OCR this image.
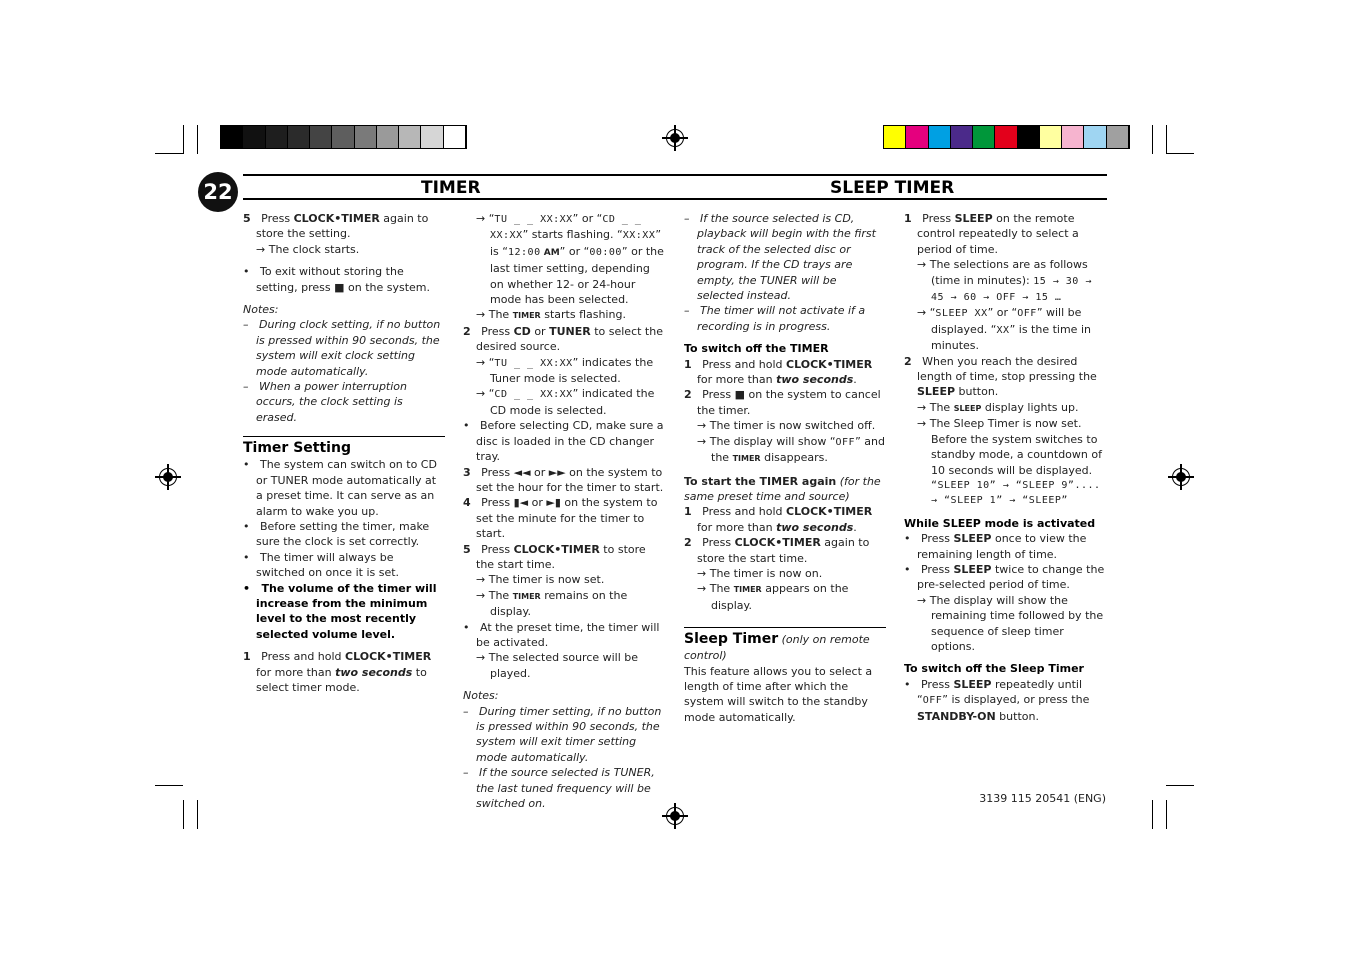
22	TIMER	SLEEP TIMER

5 Press CLOCK•TIMER again to store the setting.

→ The clock starts.

•   To exit without storing the setting, press ■ on the system.

Notes:

–   During clock setting, if no button is pressed within 90 seconds, the system will exit clock setting mode automatically.

–   When a power interruption occurs, the clock setting is erased.

Timer Setting

•   The system can switch on to CD or TUNER mode automatically at a preset time. It can serve as an alarm to wake you up.

•   Before setting the timer, make sure the clock is set correctly.

•   The timer will always be switched on once it is set.

•   The volume of the timer will increase from the minimum level to the most recently selected volume level.

1 Press and hold CLOCK•TIMER for more than two seconds to select timer mode.

→ “TU _ _ XX:XX” or “CD _ _ XX:XX” starts flashing. “XX:XX” is “12:00 AM” or “00:00” or the last timer setting, depending on whether 12- or 24-hour mode has been selected.

→ The TIMER starts flashing.

2 Press CD or TUNER to select the desired source.

→ “TU _ _ XX:XX” indicates the Tuner mode is selected.

→ “CD _ _ XX:XX” indicated the CD mode is selected.

•   Before selecting CD, make sure a disc is loaded in the CD changer tray.

3 Press ◄◄ or ►► on the system to set the hour for the timer to start.

4 Press ▮◄ or ►▮ on the system to set the minute for the timer to start.

5 Press CLOCK•TIMER to store the start time.

→ The timer is now set.

→ The TIMER remains on the display.

•   At the preset time, the timer will be activated.

→ The selected source will be played.

Notes:

–   During timer setting, if no button is pressed within 90 seconds, the system will exit timer setting mode automatically.

–   If the source selected is TUNER, the last tuned frequency will be switched on.

–   If the source selected is CD, playback will begin with the first track of the selected disc or program. If the CD trays are empty, the TUNER will be selected instead.

–   The timer will not activate if a recording is in progress.

To switch off the TIMER

1 Press and hold CLOCK•TIMER for more than two seconds.

2 Press ■ on the system to cancel the timer.

→ The timer is now switched off.

→ The display will show “OFF” and the TIMER disappears.

To start the TIMER again (for the same preset time and source)

1 Press and hold CLOCK•TIMER for more than two seconds.

2 Press CLOCK•TIMER again to store the start time.

→ The timer is now on.

→ The TIMER appears on the display.

Sleep Timer (only on remote control)

This feature allows you to select a length of time after which the system will switch to the standby mode automatically.

1 Press SLEEP on the remote control repeatedly to select a period of time.

→ The selections are as follows (time in minutes): 15 → 30 → 45 → 60 → OFF → 15 …

→ “SLEEP XX” or “OFF” will be displayed. “XX” is the time in minutes.

2 When you reach the desired length of time, stop pressing the SLEEP button.

→ The SLEEP display lights up.

→ The Sleep Timer is now set. Before the system switches to standby mode, a countdown of 10 seconds will be displayed.

“SLEEP 10” → “SLEEP 9”.... → “SLEEP 1” → “SLEEP”

While SLEEP mode is activated

•   Press SLEEP once to view the remaining length of time.

•   Press SLEEP twice to change the pre-selected period of time.

→ The display will show the remaining time followed by the sequence of sleep timer options.

To switch off the Sleep Timer

•   Press SLEEP repeatedly until “OFF” is displayed, or press the STANDBY-ON button.

3139 115 20541 (ENG)
